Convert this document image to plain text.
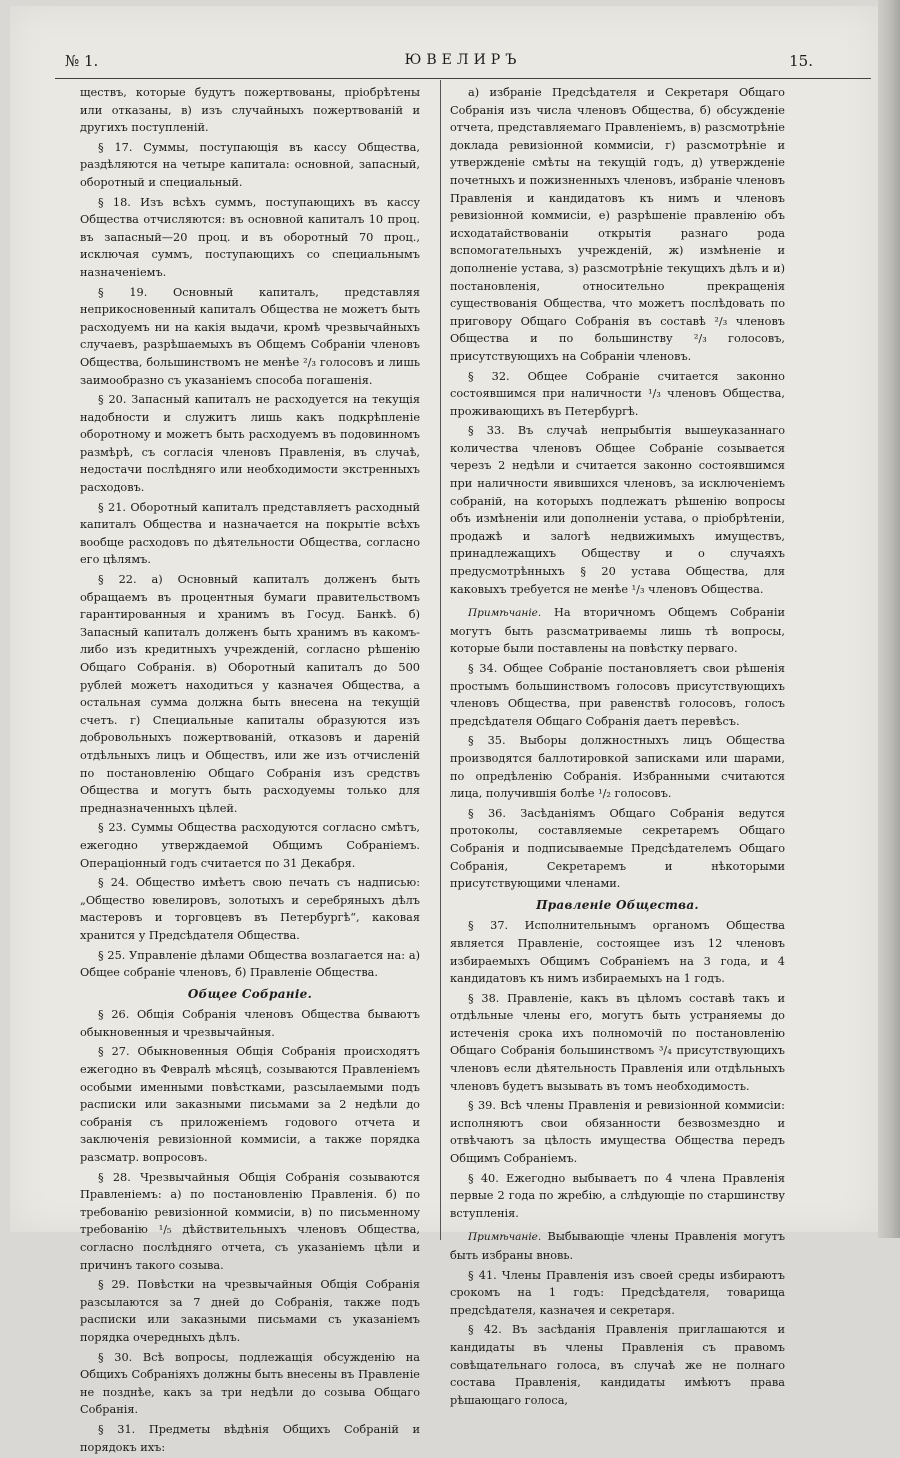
№ 1.	ЮВЕЛИРЪ	15.

ществъ, которые будутъ пожертвованы, пріобрѣтены или отказаны, в) изъ случайныхъ пожертвованій и другихъ поступленій.

§ 17. Суммы, поступающія въ кассу Общества, раздѣляются на четыре капитала: основной, запасный, оборотный и специальный.

§ 18. Изъ всѣхъ суммъ, поступающихъ въ кассу Общества отчисляются: въ основной капиталъ 10 проц. въ запасный—20 проц. и въ оборотный 70 проц., исключая суммъ, поступающихъ со специальнымъ назначеніемъ.

§ 19. Основный капиталъ, представляя неприкосновенный капиталъ Общества не можетъ быть расходуемъ ни на какія выдачи, кромѣ чрезвычайныхъ случаевъ, разрѣшаемыхъ въ Общемъ Собраніи членовъ Общества, большинствомъ не менѣе ²/₃ голосовъ и лишь заимообразно съ указаніемъ способа погашенія.

§ 20. Запасный капиталъ не расходуется на текущія надобности и служитъ лишь какъ подкрѣпленіе оборотному и можетъ быть расходуемъ въ подовинномъ размѣрѣ, съ согласія членовъ Правленія, въ случаѣ, недостачи послѣдняго или необходимости экстренныхъ расходовъ.

§ 21. Оборотный капиталъ представляетъ расходный капиталъ Общества и назначается на покрытіе всѣхъ вообще расходовъ по дѣятельности Общества, согласно его цѣлямъ.

§ 22. а) Основный капиталъ долженъ быть обращаемъ въ процентныя бумаги правительствомъ гарантированныя и хранимъ въ Госуд. Банкѣ. б) Запасный капиталъ долженъ быть хранимъ въ какомъ-либо изъ кредитныхъ учрежденій, согласно рѣшенію Общаго Собранія. в) Оборотный капиталъ до 500 рублей можетъ находиться у казначея Общества, а остальная сумма должна быть внесена на текущій счетъ. г) Специальные капиталы образуются изъ добровольныхъ пожертвованій, отказовъ и дареній отдѣльныхъ лицъ и Обществъ, или же изъ отчисленій по постановленію Общаго Собранія изъ средствъ Общества и могутъ быть расходуемы только для предназначенныхъ цѣлей.

§ 23. Суммы Общества расходуются согласно смѣтъ, ежегодно утверждаемой Общимъ Собраніемъ. Операціонный годъ считается по 31 Декабря.

§ 24. Общество имѣетъ свою печать съ надписью: „Общество ювелировъ, золотыхъ и серебряныхъ дѣлъ мастеровъ и торговцевъ въ Петербургѣ“, каковая хранится у Предсѣдателя Общества.

§ 25. Управленіе дѣлами Общества возлагается на: а) Общее собраніе членовъ, б) Правленіе Общества.

Общее Собраніе.

§ 26. Общія Собранія членовъ Общества бываютъ обыкновенныя и чрезвычайныя.

§ 27. Обыкновенныя Общія Собранія происходятъ ежегодно въ Февралѣ мѣсяцѣ, созываются Правленіемъ особыми именными повѣстками, разсылаемыми подъ расписки или заказными письмами за 2 недѣли до собранія съ приложеніемъ годового отчета и заключенія ревизіонной коммисіи, а также порядка разсматр. вопросовъ.

§ 28. Чрезвычайныя Общія Собранія созываются Правленіемъ: а) по постановленію Правленія. б) по требованію ревизіонной коммисіи, в) по письменному требованію ¹/₅ дѣйствительныхъ членовъ Общества, согласно послѣдняго отчета, съ указаніемъ цѣли и причинъ такого созыва.

§ 29. Повѣстки на чрезвычайныя Общія Собранія разсылаются за 7 дней до Собранія, также подъ расписки или заказными письмами съ указаніемъ порядка очередныхъ дѣлъ.

§ 30. Всѣ вопросы, подлежащія обсужденію на Общихъ Собраніяхъ должны быть внесены въ Правленіе не позднѣе, какъ за три недѣли до созыва Общаго Собранія.

§ 31. Предметы вѣдѣнія Общихъ Собраній и порядокъ ихъ:

а) избраніе Предсѣдателя и Секретаря Общаго Собранія изъ числа членовъ Общества, б) обсужденіе отчета, представляемаго Правленіемъ, в) разсмотрѣніе доклада ревизіонной коммисіи, г) разсмотрѣніе и утвержденіе смѣты на текущій годъ, д) утвержденіе почетныхъ и пожизненныхъ членовъ, избраніе членовъ Правленія и кандидатовъ къ нимъ и членовъ ревизіонной коммисіи, е) разрѣшеніе правленію объ исходатайствованіи открытія разнаго рода вспомогательныхъ учрежденій, ж) измѣненіе и дополненіе устава, з) разсмотрѣніе текущихъ дѣлъ и и) постановленія, относительно прекращенія существованія Общества, что можетъ послѣдовать по приговору Общаго Собранія въ составѣ ²/₃ членовъ Общества и по большинству ²/₃ голосовъ, присутствующихъ на Собраніи членовъ.

§ 32. Общее Собраніе считается законно состоявшимся при наличности ¹/₃ членовъ Общества, проживающихъ въ Петербургѣ.

§ 33. Въ случаѣ непрыбытія вышеуказаннаго количества членовъ Общее Собраніе созывается черезъ 2 недѣли и считается законно состоявшимся при наличности явившихся членовъ, за исключеніемъ собраній, на которыхъ подлежатъ рѣшенію вопросы объ измѣненіи или дополненіи устава, о пріобрѣтеніи, продажѣ и залогѣ недвижимыхъ имуществъ, принадлежащихъ Обществу и о случаяхъ предусмотрѣнныхъ § 20 устава Общества, для каковыхъ требуется не менѣе ¹/₃ членовъ Общества.

Примѣчаніе. На вторичномъ Общемъ Собраніи могутъ быть разсматриваемы лишь тѣ вопросы, которые были поставлены на повѣстку перваго.

§ 34. Общее Собраніе постановляетъ свои рѣшенія простымъ большинствомъ голосовъ присутствующихъ членовъ Общества, при равенствѣ голосовъ, голосъ предсѣдателя Общаго Собранія даетъ перевѣсъ.

§ 35. Выборы должностныхъ лицъ Общества производятся баллотировкой записками или шарами, по опредѣленію Собранія. Избранными считаются лица, получившія болѣе ¹/₂ голосовъ.

§ 36. Засѣданіямъ Общаго Собранія ведутся протоколы, составляемые секретаремъ Общаго Собранія и подписываемые Предсѣдателемъ Общаго Собранія, Секретаремъ и нѣкоторыми присутствующими членами.

Правленіе Общества.

§ 37. Исполнительнымъ органомъ Общества является Правленіе, состоящее изъ 12 членовъ избираемыхъ Общимъ Собраніемъ на 3 года, и 4 кандидатовъ къ нимъ избираемыхъ на 1 годъ.

§ 38. Правленіе, какъ въ цѣломъ составѣ такъ и отдѣльные члены его, могутъ быть устраняемы до истеченія срока ихъ полномочій по постановленію Общаго Собранія большинствомъ ³/₄ присутствующихъ членовъ если дѣятельность Правленія или отдѣльныхъ членовъ будетъ вызывать въ томъ необходимость.

§ 39. Всѣ члены Правленія и ревизіонной коммисіи: исполняютъ свои обязанности безвозмездно и отвѣчаютъ за цѣлость имущества Общества передъ Общимъ Собраніемъ.

§ 40. Ежегодно выбываетъ по 4 члена Правленія первые 2 года по жребію, а слѣдующіе по старшинству вступленія.

Примѣчаніе. Выбывающіе члены Правленія могутъ быть избраны вновь.

§ 41. Члены Правленія изъ своей среды избираютъ срокомъ на 1 годъ: Предсѣдателя, товарища предсѣдателя, казначея и секретаря.

§ 42. Въ засѣданія Правленія приглашаются и кандидаты въ члены Правленія съ правомъ совѣщательнаго голоса, въ случаѣ же не полнаго состава Правленія, кандидаты имѣютъ права рѣшающаго голоса,
